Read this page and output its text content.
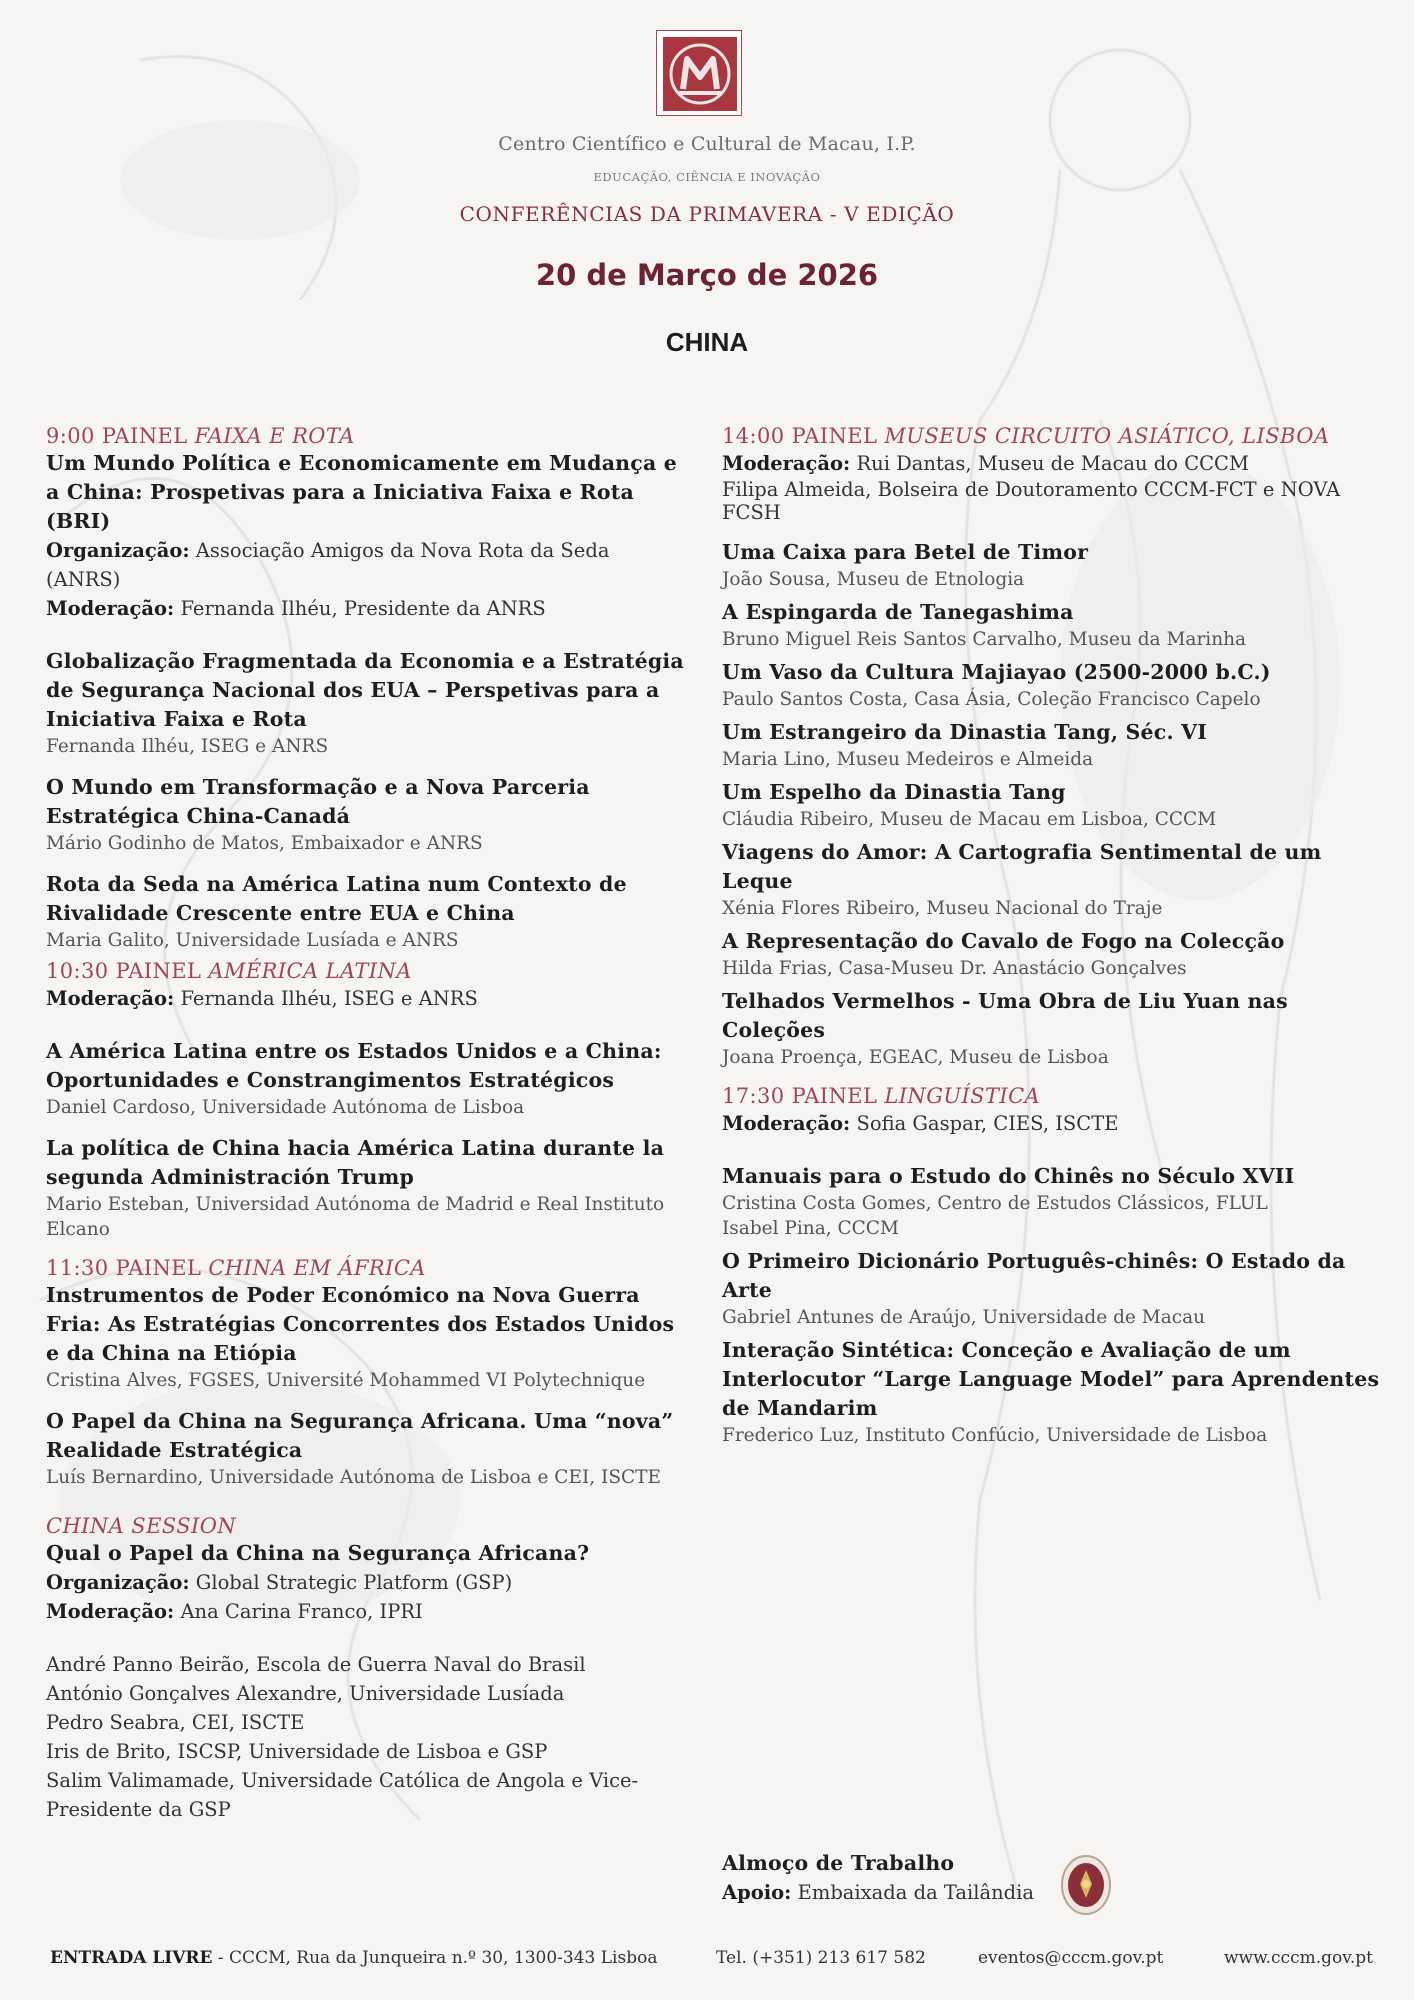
Centro Científico e Cultural de Macau, I.P.
EDUCAÇÃO, CIÊNCIA E INOVAÇÃO
CONFERÊNCIAS DA PRIMAVERA - V EDIÇÃO
20 de Março de 2026
CHINA
9:00 PAINEL FAIXA E ROTA
Um Mundo Política e Economicamente em Mudança e a China: Prospetivas para a Iniciativa Faixa e Rota (BRI)
Organização: Associação Amigos da Nova Rota da Seda (ANRS)
Moderação: Fernanda Ilhéu, Presidente da ANRS
Globalização Fragmentada da Economia e a Estratégia de Segurança Nacional dos EUA – Perspetivas para a Iniciativa Faixa e Rota
Fernanda Ilhéu, ISEG e ANRS
O Mundo em Transformação e a Nova Parceria Estratégica China-Canadá
Mário Godinho de Matos, Embaixador e ANRS
Rota da Seda na América Latina num Contexto de Rivalidade Crescente entre EUA e China
Maria Galito, Universidade Lusíada e ANRS
10:30 PAINEL AMÉRICA LATINA
Moderação: Fernanda Ilhéu, ISEG e ANRS
A América Latina entre os Estados Unidos e a China: Oportunidades e Constrangimentos Estratégicos
Daniel Cardoso, Universidade Autónoma de Lisboa
La política de China hacia América Latina durante la segunda Administración Trump
Mario Esteban, Universidad Autónoma de Madrid e Real Instituto Elcano
11:30 PAINEL CHINA EM ÁFRICA
Instrumentos de Poder Económico na Nova Guerra Fria: As Estratégias Concorrentes dos Estados Unidos e da China na Etiópia
Cristina Alves, FGSES, Université Mohammed VI Polytechnique
O Papel da China na Segurança Africana. Uma “nova” Realidade Estratégica
Luís Bernardino, Universidade Autónoma de Lisboa e CEI, ISCTE
CHINA SESSION
Qual o Papel da China na Segurança Africana?
Organização: Global Strategic Platform (GSP)
Moderação: Ana Carina Franco, IPRI
André Panno Beirão, Escola de Guerra Naval do Brasil
António Gonçalves Alexandre, Universidade Lusíada
Pedro Seabra, CEI, ISCTE
Iris de Brito, ISCSP, Universidade de Lisboa e GSP
Salim Valimamade, Universidade Católica de Angola e Vice-Presidente da GSP
14:00 PAINEL MUSEUS CIRCUITO ASIÁTICO, LISBOA
Moderação: Rui Dantas, Museu de Macau do CCCM
Filipa Almeida, Bolseira de Doutoramento CCCM-FCT e NOVA FCSH
Uma Caixa para Betel de Timor
João Sousa, Museu de Etnologia
A Espingarda de Tanegashima
Bruno Miguel Reis Santos Carvalho, Museu da Marinha
Um Vaso da Cultura Majiayao (2500-2000 b.C.)
Paulo Santos Costa, Casa Ásia, Coleção Francisco Capelo
Um Estrangeiro da Dinastia Tang, Séc. VI
Maria Lino, Museu Medeiros e Almeida
Um Espelho da Dinastia Tang
Cláudia Ribeiro, Museu de Macau em Lisboa, CCCM
Viagens do Amor: A Cartografia Sentimental de um Leque
Xénia Flores Ribeiro, Museu Nacional do Traje
A Representação do Cavalo de Fogo na Colecção
Hilda Frias, Casa-Museu Dr. Anastácio Gonçalves
Telhados Vermelhos - Uma Obra de Liu Yuan nas Coleções
Joana Proença, EGEAC, Museu de Lisboa
17:30 PAINEL LINGUÍSTICA
Moderação: Sofia Gaspar, CIES, ISCTE
Manuais para o Estudo do Chinês no Século XVII
Cristina Costa Gomes, Centro de Estudos Clássicos, FLUL
Isabel Pina, CCCM
O Primeiro Dicionário Português-chinês: O Estado da Arte
Gabriel Antunes de Araújo, Universidade de Macau
Interação Sintética: Conceção e Avaliação de um Interlocutor “Large Language Model” para Aprendentes de Mandarim
Frederico Luz, Instituto Confúcio, Universidade de Lisboa
Almoço de Trabalho
Apoio: Embaixada da Tailândia
ENTRADA LIVRE - CCCM, Rua da Junqueira n.º 30, 1300-343 Lisboa	Tel. (+351) 213 617 582	eventos@cccm.gov.pt	www.cccm.gov.pt
